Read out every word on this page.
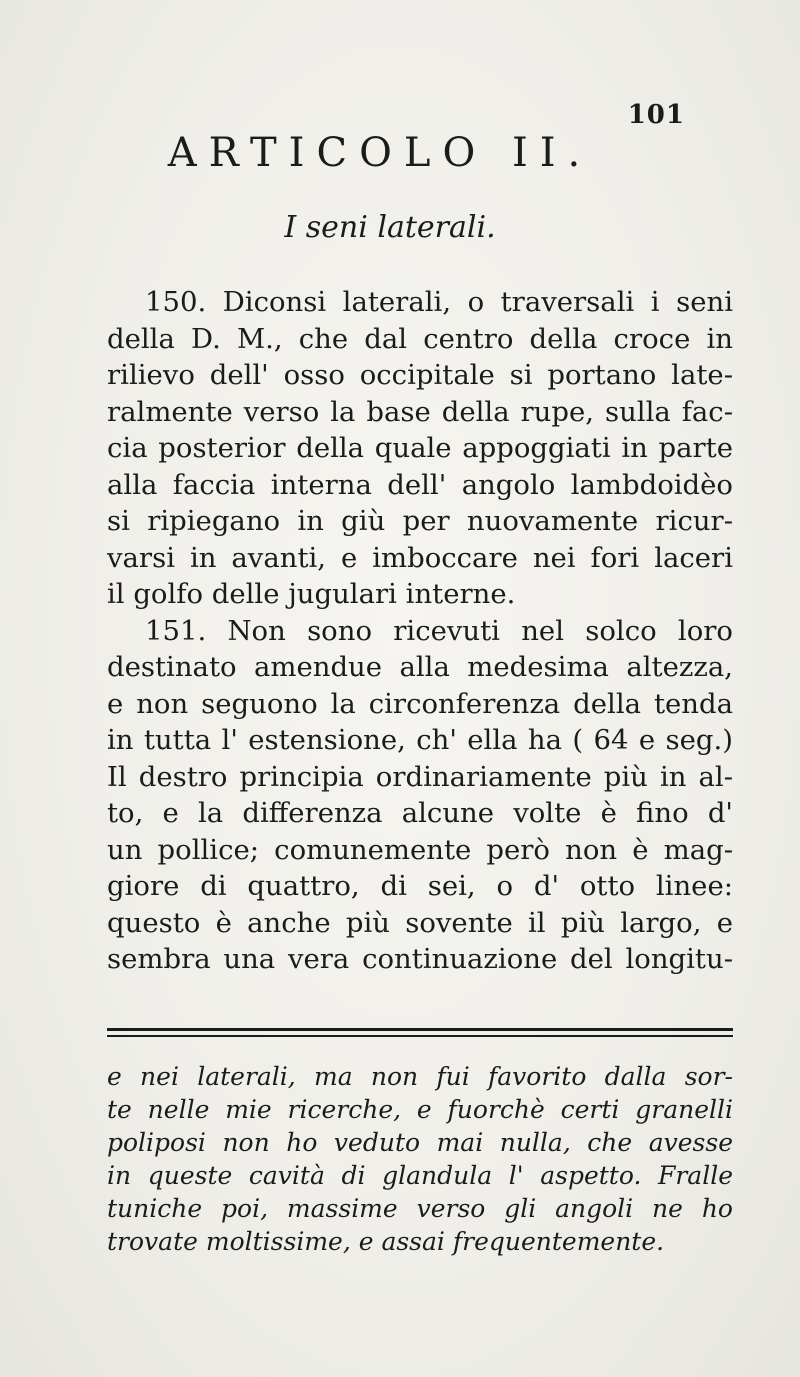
101
ARTICOLO II.
I seni laterali.
150. Diconsi laterali, o traversali i seni
della D. M., che dal centro della croce in
rilievo dell' osso occipitale si portano late-
ralmente verso la base della rupe, sulla fac-
cia posterior della quale appoggiati in parte
alla faccia interna dell' angolo lambdoidèo
si ripiegano in giù per nuovamente ricur-
varsi in avanti, e imboccare nei fori laceri
il golfo delle jugulari interne.
151. Non sono ricevuti nel solco loro
destinato amendue alla medesima altezza,
e non seguono la circonferenza della tenda
in tutta l' estensione, ch' ella ha ( 64 e seg.)
Il destro principia ordinariamente più in al-
to, e la differenza alcune volte è fino d'
un pollice; comunemente però non è mag-
giore di quattro, di sei, o d' otto linee:
questo è anche più sovente il più largo, e
sembra una vera continuazione del longitu-
e nei laterali, ma non fui favorito dalla sor-
te nelle mie ricerche, e fuorchè certi granelli
poliposi non ho veduto mai nulla, che avesse
in queste cavità di glandula l' aspetto. Fralle
tuniche poi, massime verso gli angoli ne ho
trovate moltissime, e assai frequentemente.
